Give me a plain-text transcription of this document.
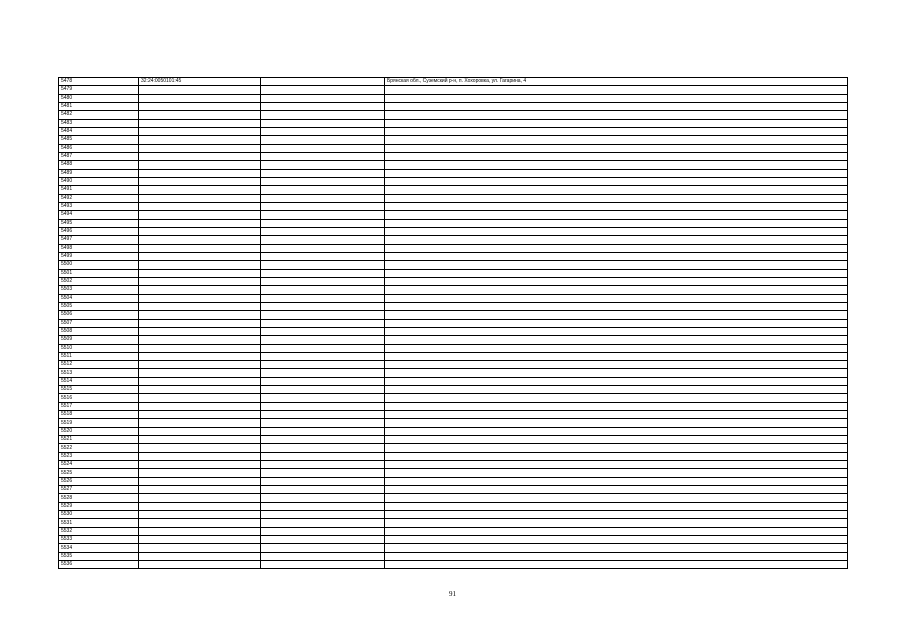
5478	32:24:0050101:45		Брянская обл., Суземский р-н, п. Хохоровка, ул. Гагарина, 4
5479			
5480			
5481			
5482			
5483			
5484			
5485			
5486			
5487			
5488			
5489			
5490			
5491			
5492			
5493			
5494			
5495			
5496			
5497			
5498			
5499			
5500			
5501			
5502			
5503			
5504			
5505			
5506			
5507			
5508			
5509			
5510			
5511			
5512			
5513			
5514			
5515			
5516			
5517			
5518			
5519			
5520			
5521			
5522			
5523			
5524			
5525			
5526			
5527			
5528			
5529			
5530			
5531			
5532			
5533			
5534			
5535			
5536			
91
